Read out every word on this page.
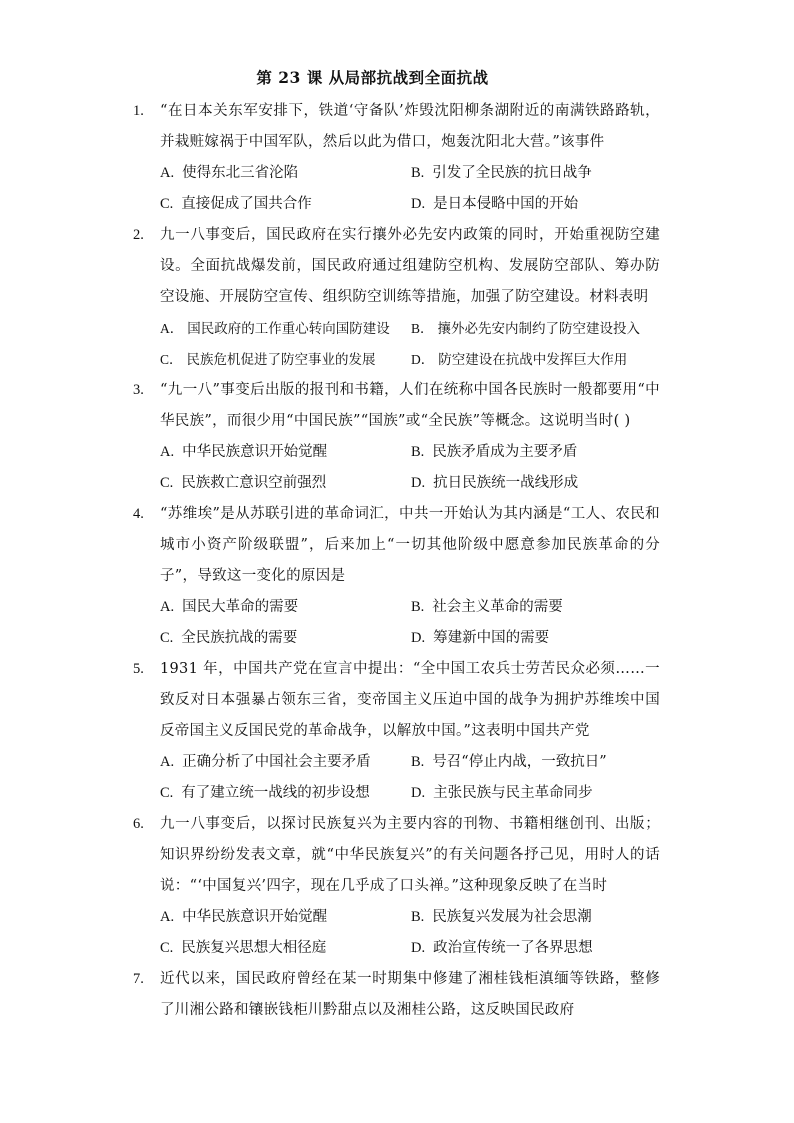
第 23 课 从局部抗战到全面抗战
1. “在日本关东军安排下，铁道‘守备队’炸毁沈阳柳条湖附近的南满铁路路轨，并栽赃嫁祸于中国军队，然后以此为借口，炮轰沈阳北大营。”该事件
A. 使得东北三省沦陷	B. 引发了全民族的抗日战争
C. 直接促成了国共合作	D. 是日本侵略中国的开始
2. 九一八事变后，国民政府在实行攘外必先安内政策的同时，开始重视防空建设。全面抗战爆发前，国民政府通过组建防空机构、发展防空部队、筹办防空设施、开展防空宣传、组织防空训练等措施，加强了防空建设。材料表明
A． 国民政府的工作重心转向国防建设	B． 攘外必先安内制约了防空建设投入
C． 民族危机促进了防空事业的发展	D． 防空建设在抗战中发挥巨大作用
3. “九一八”事变后出版的报刊和书籍，人们在统称中国各民族时一般都要用“中华民族”，而很少用“中国民族”“国族”或“全民族”等概念。这说明当时( )
A. 中华民族意识开始觉醒	B. 民族矛盾成为主要矛盾
C. 民族救亡意识空前强烈	D. 抗日民族统一战线形成
4. “苏维埃”是从苏联引进的革命词汇，中共一开始认为其内涵是“工人、农民和城市小资产阶级联盟”，后来加上“一切其他阶级中愿意参加民族革命的分子”，导致这一变化的原因是
A. 国民大革命的需要	B. 社会主义革命的需要
C. 全民族抗战的需要	D. 筹建新中国的需要
5. 1931 年，中国共产党在宣言中提出：“全中国工农兵士劳苦民众必须……一致反对日本强暴占领东三省，变帝国主义压迫中国的战争为拥护苏维埃中国反帝国主义反国民党的革命战争，以解放中国。”这表明中国共产党
A. 正确分析了中国社会主要矛盾	B. 号召“停止内战，一致抗日”
C. 有了建立统一战线的初步设想	D. 主张民族与民主革命同步
6. 九一八事变后，以探讨民族复兴为主要内容的刊物、书籍相继创刊、出版；知识界纷纷发表文章，就“中华民族复兴”的有关问题各抒己见，用时人的话说：“‘中国复兴’四字，现在几乎成了口头禅。”这种现象反映了在当时
A. 中华民族意识开始觉醒	B. 民族复兴发展为社会思潮
C. 民族复兴思想大相径庭	D. 政治宣传统一了各界思想
7. 近代以来，国民政府曾经在某一时期集中修建了湘桂钱柜滇缅等铁路，整修了川湘公路和镶嵌钱柜川黔甜点以及湘桂公路，这反映国民政府
